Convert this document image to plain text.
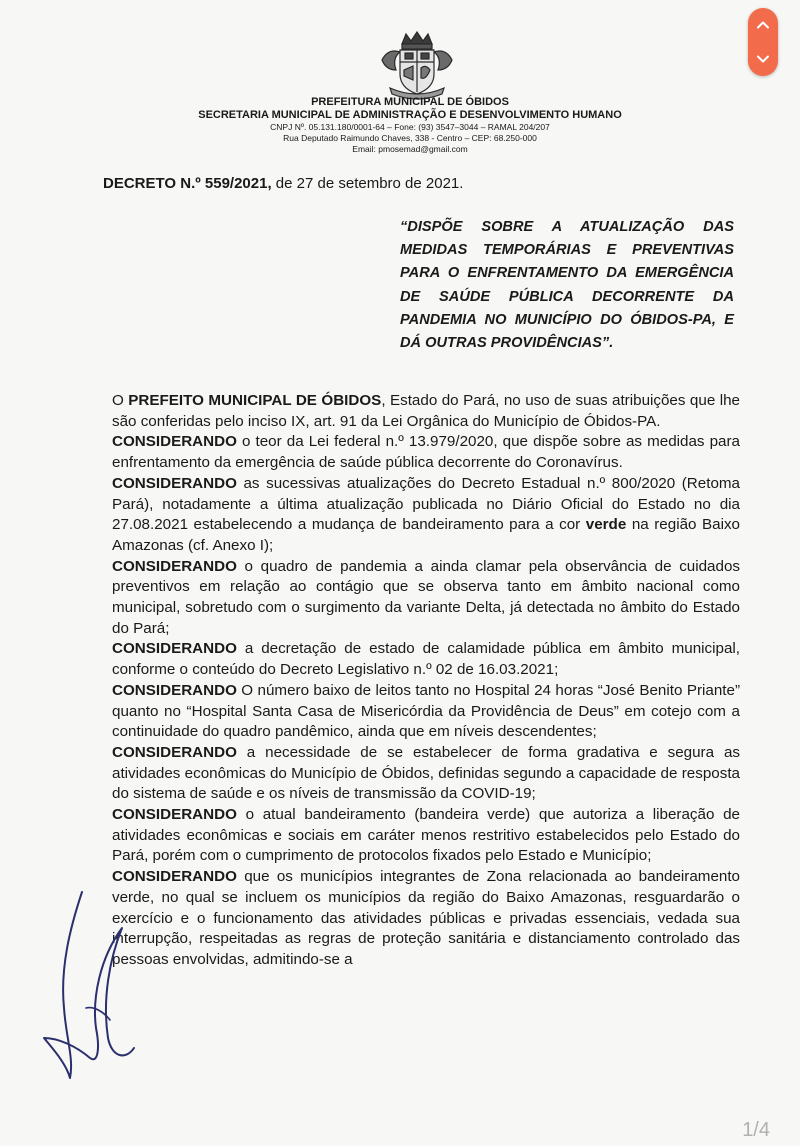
PREFEITURA MUNICIPAL DE ÓBIDOS
SECRETARIA MUNICIPAL DE ADMINISTRAÇÃO E DESENVOLVIMENTO HUMANO
CNPJ Nº. 05.131.180/0001-64 – Fone: (93) 3547–3044 – RAMAL 204/207
Rua Deputado Raimundo Chaves, 338 - Centro – CEP: 68.250-000
Email: pmosemad@gmail.com
DECRETO N.º 559/2021, de 27 de setembro de 2021.
“DISPÕE SOBRE A ATUALIZAÇÃO DAS MEDIDAS TEMPORÁRIAS E PREVENTIVAS PARA O ENFRENTAMENTO DA EMERGÊNCIA DE SAÚDE PÚBLICA DECORRENTE DA PANDEMIA NO MUNICÍPIO DO ÓBIDOS-PA, E DÁ OUTRAS PROVIDÊNCIAS”.

O PREFEITO MUNICIPAL DE ÓBIDOS, Estado do Pará, no uso de suas atribuições que lhe são conferidas pelo inciso IX, art. 91 da Lei Orgânica do Município de Óbidos-PA.

CONSIDERANDO o teor da Lei federal n.º 13.979/2020, que dispõe sobre as medidas para enfrentamento da emergência de saúde pública decorrente do Coronavírus.

CONSIDERANDO as sucessivas atualizações do Decreto Estadual n.º 800/2020 (Retoma Pará), notadamente a última atualização publicada no Diário Oficial do Estado no dia 27.08.2021 estabelecendo a mudança de bandeiramento para a cor verde na região Baixo Amazonas (cf. Anexo I);

CONSIDERANDO o quadro de pandemia a ainda clamar pela observância de cuidados preventivos em relação ao contágio que se observa tanto em âmbito nacional como municipal, sobretudo com o surgimento da variante Delta, já detectada no âmbito do Estado do Pará;

CONSIDERANDO a decretação de estado de calamidade pública em âmbito municipal, conforme o conteúdo do Decreto Legislativo n.º 02 de 16.03.2021;

CONSIDERANDO O número baixo de leitos tanto no Hospital 24 horas “José Benito Priante” quanto no “Hospital Santa Casa de Misericórdia da Providência de Deus” em cotejo com a continuidade do quadro pandêmico, ainda que em níveis descendentes;

CONSIDERANDO a necessidade de se estabelecer de forma gradativa e segura as atividades econômicas do Município de Óbidos, definidas segundo a capacidade de resposta do sistema de saúde e os níveis de transmissão da COVID-19;

CONSIDERANDO o atual bandeiramento (bandeira verde) que autoriza a liberação de atividades econômicas e sociais em caráter menos restritivo estabelecidos pelo Estado do Pará, porém com o cumprimento de protocolos fixados pelo Estado e Município;

CONSIDERANDO que os municípios integrantes de Zona relacionada ao bandeiramento verde, no qual se incluem os municípios da região do Baixo Amazonas, resguardarão o exercício e o funcionamento das atividades públicas e privadas essenciais, vedada sua interrupção, respeitadas as regras de proteção sanitária e distanciamento controlado das pessoas envolvidas, admitindo-se a

1/4
